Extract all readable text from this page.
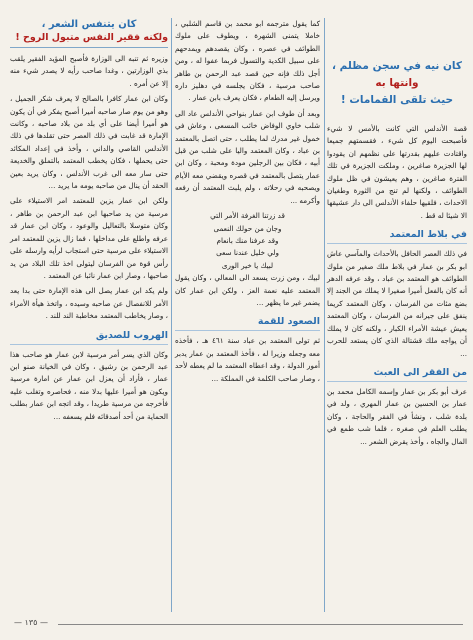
كان نيه في سجن مظلم ،
وانتها به
حيث تلقى القمامات !

قصة الأندلس التي كانت بالأمس لا شيء فأصبحت اليوم كل شيء ، فقسمتهم جميعا واقتادت عليهم بقدرتها على نظمهم ان يقودوا لها الجزيرة صاغرين ، وملكت الجزيرة في تلك الفترة صاغرين ، وهم يعيشون في ظل ملوك الطوائف ، ولكنها لم تنج من الثورة وطغيان الاحداث ، فلقيها حلفاء الأندلس الى دار عشيقها الا شيئا له قط .

في بلاط المعتمد

في ذلك العصر الحافل بالأحداث والمآسي عاش ابو بكر بن عمار في بلاط ملك صغير من ملوك الطوائف هو المعتمد بن عباد ، وقد عرفه الدهر أنه كان بالفعل أميرا صغيرا لا يملك من الجند إلا بضع مئات من الفرسان ، وكان المعتمد كريما ينفق على جيرانه من الفرسان ، وكان المعتمد يعيش عيشة الأمراء الكبار ، ولكنه كان لا يملك أن يواجه ملك قشتالة الذي كان يستعد للحرب ...

من الفقر الى العبث

عرف أبو بكر بن عمار وإسمه الكامل محمد بن عمار بن الحسين بن عمار المهري ، ولد في بلدة شلب ، ونشأ في الفقر والحاجة ، وكان يطلب العلم في صغره ، فلما شب طمع في المال والجاه ، وأخذ يقرض الشعر ...

كما يقول مترجمه ابو محمد بن قاسم الشلبي ، خاملا يتمنى الشهرة ، ويطوف على ملوك الطوائف في عصره ، وكان يقصدهم ويمدحهم على سبيل الكدية والتسول فربما عفوا له ، ومن أجل ذلك فإنه حين قصد عبد الرحمن بن طاهر صاحب مرسية ، فكان يجلسه في دهليز داره ويرسل إليه الطعام ، فكان يعرف بابن عمار .

وبعد أن طوف ابن عمار بنواحي الأندلس عاد الى شلب خاوي الوفاض خائب المسعى ، وعاش في خمول غير مدرك لما يطلب ، حتى اتصل بالمعتمد بن عباد ، وكان المعتمد واليا على شلب من قبل أبيه ، فكان بين الرجلين مودة ومحبة ، وكان ابن عمار يتصل بالمعتمد في قصره ويقضي معه الأيام ويصحبه في رحلاته ، ولم يلبث المعتمد أن رفعه وأكرمه ...

قد زرتنا الغرفة الأمر التي

وجان من حولك النعمى

وقد عرفنا منك بانعام

ولي خليل عندنا سعى

لبيك يا خير الورى

لبيك ، ومن زرت يسعد الى المعالي ، وكان يقول المعتمد عليه نعمة العز ، ولكن ابن عمار كان يضمر غير ما يظهر ...

الصعود للقمة

ثم تولى المعتمد بن عباد سنة ٤٦١ هـ ، فأخذه معه وجعله وزيرا له ، فأخذ المعتمد بن عمار يدبر أمور الدولة ، وقد اعطاه المعتمد ما لم يعطه لأحد ، وصار صاحب الكلمة في المملكة ...

كان يتنفس الشعر ،
ولكنه فقير النفس متبول الروح !

وزيره ثم تنبه الى الوزارة فأصبح المؤيد الفقير يلقب بذي الوزارتين ، وغدا صاحب رأيه لا يصدر شيء منه إلا عن أمره .

وكان ابن عمار كافرا بالصالح لا يعرف شكر الجميل ، وهو من يوم صار صاحبه أميرا أصبح يفكر في أن يكون هو أميرا أيضا على أي بلد من بلاد صاحبه ، وكانت الإمارة قد غابت في ذلك العصر حتى تقلدها في ذلك الأندلس القاصي والداني ، وأخذ في إعداد المكائد حتى يحملها ، فكان يخطب المعتمد بالتملق والخديعة حتى سار معه الى غرب الأندلس ، وكان يريد بعين الحقد أن ينال من صاحبه يومه ما يريد ...

ولكن ابن عمار يزين للمعتمد امر الاستيلاء على مرسية من يد صاحبها ابن عبد الرحمن بن طاهر ، وكان متوسلا بالتعاليل والوعود ، وكان ابن عمار قد عرفه واطلع على مداخلها ، فما زال يزين للمعتمد امر الاستيلاء على مرسية حتى استجاب لرأيه وارسله على رأس قوة من الفرسان ليتولى اخذ تلك البلاد من يد صاحبها ، وصار ابن عمار نائبا عن المعتمد .

ولم يكد ابن عمار يصل الى هذه الإمارة حتى بدا يعد الأمر للانفصال عن صاحبه وسيده ، واتخذ هيأة الأمراء ، وصار يخاطب المعتمد مخاطبة الند للند .

الهروب للصديق

وكان الذي يسر أمر مرسية لابن عمار هو صاحب هذا عبد الرحمن بن رشيق ، وكان في الخيانة صنو ابن عمار ، فأراد أن يعزل ابن عمار عن امارة مرسية ويكون هو أميرا عليها بدلا منه ، فحاصره وتغلب عليه فأخرجه من مرسية طريدا ، وقد اتجه ابن عمار بطلب الحماية من أحد أصدقائه فلم يسعفه ...

— ١٣٥ —
